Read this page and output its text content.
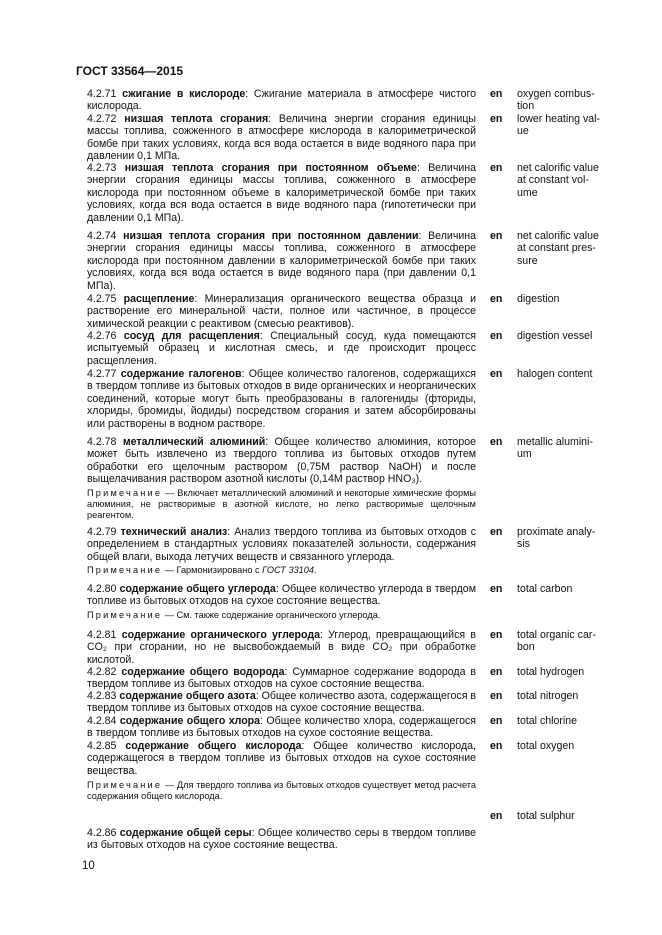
ГОСТ 33564—2015
4.2.71 сжигание в кислороде: Сжигание материала в атмосфере чистого кислорода.
en oxygen combus-tion
4.2.72 низшая теплота сгорания: Величина энергии сгорания единицы массы топлива, сожженного в атмосфере кислорода в калориметрической бомбе при таких условиях, когда вся вода остается в виде водяного пара при давлении 0,1 МПа.
en lower heating val-ue
4.2.73 низшая теплота сгорания при постоянном объеме: Величина энергии сгорания единицы массы топлива, сожженного в атмосфере кислорода при постоянном объеме в калориметрической бомбе при таких условиях, когда вся вода остается в виде водяного пара (гипотетически при давлении 0,1 МПа).
en net calorific value at constant vol-ume
4.2.74 низшая теплота сгорания при постоянном давлении: Величина энергии сгорания единицы массы топлива, сожженного в атмосфере кислорода при постоянном давлении в калориметрической бомбе при таких условиях, когда вся вода остается в виде водяного пара (при давлении 0,1 МПа).
en net calorific value at constant pres-sure
4.2.75 расщепление: Минерализация органического вещества образца и растворение его минеральной части, полное или частичное, в процессе химической реакции с реактивом (смесью реактивов).
en digestion
4.2.76 сосуд для расщепления: Специальный сосуд, куда помещаются испытуемый образец и кислотная смесь, и где происходит процесс расщепления.
en digestion vessel
4.2.77 содержание галогенов: Общее количество галогенов, содержащихся в твердом топливе из бытовых отходов в виде органических и неорганических соединений, которые могут быть преобразованы в галогениды (фториды, хлориды, бромиды, йодиды) посредством сгорания и затем абсорбированы или растворены в водном растворе.
en halogen content
4.2.78 металлический алюминий: Общее количество алюминия, которое может быть извлечено из твердого топлива из бытовых отходов путем обработки его щелочным раствором (0,75М раствор NaOH) и после выщелачивания раствором азотной кислоты (0,14М раствор HNO₃).
en metallic alumini-um
4.2.79 технический анализ: Анализ твердого топлива из бытовых отходов с определением в стандартных условиях показателей зольности, содержания общей влаги, выхода летучих веществ и связанного углерода.
en proximate analy-sis
4.2.80 содержание общего углерода: Общее количество углерода в твердом топливе из бытовых отходов на сухое состояние вещества.
en total carbon
4.2.81 содержание органического углерода: Углерод, превращающийся в CO₂ при сгорании, но не высвобождаемый в виде CO₂ при обработке кислотой.
en total organic car-bon
4.2.82 содержание общего водорода: Суммарное содержание водорода в твердом топливе из бытовых отходов на сухое состояние вещества.
en total hydrogen
4.2.83 содержание общего азота: Общее количество азота, содержащегося в твердом топливе из бытовых отходов на сухое состояние вещества.
en total nitrogen
4.2.84 содержание общего хлора: Общее количество хлора, содержащегося в твердом топливе из бытовых отходов на сухое состояние вещества.
en total chlorine
4.2.85 содержание общего кислорода: Общее количество кислорода, содержащегося в твердом топливе из бытовых отходов на сухое состояние вещества.
en total oxygen
4.2.86 содержание общей серы: Общее количество серы в твердом топливе из бытовых отходов на сухое состояние вещества.
en total sulphur
Примечание — Включает металлический алюминий и некоторые химические формы алюминия, не растворимые в азотной кислоте, но легко растворимые щелочным реагентом.
Примечание — Гармонизировано с ГОСТ 33104.
Примечание — См. также содержание органического углерода.
Примечание — Для твердого топлива из бытовых отходов существует метод расчета содержания общего кислорода.
10
